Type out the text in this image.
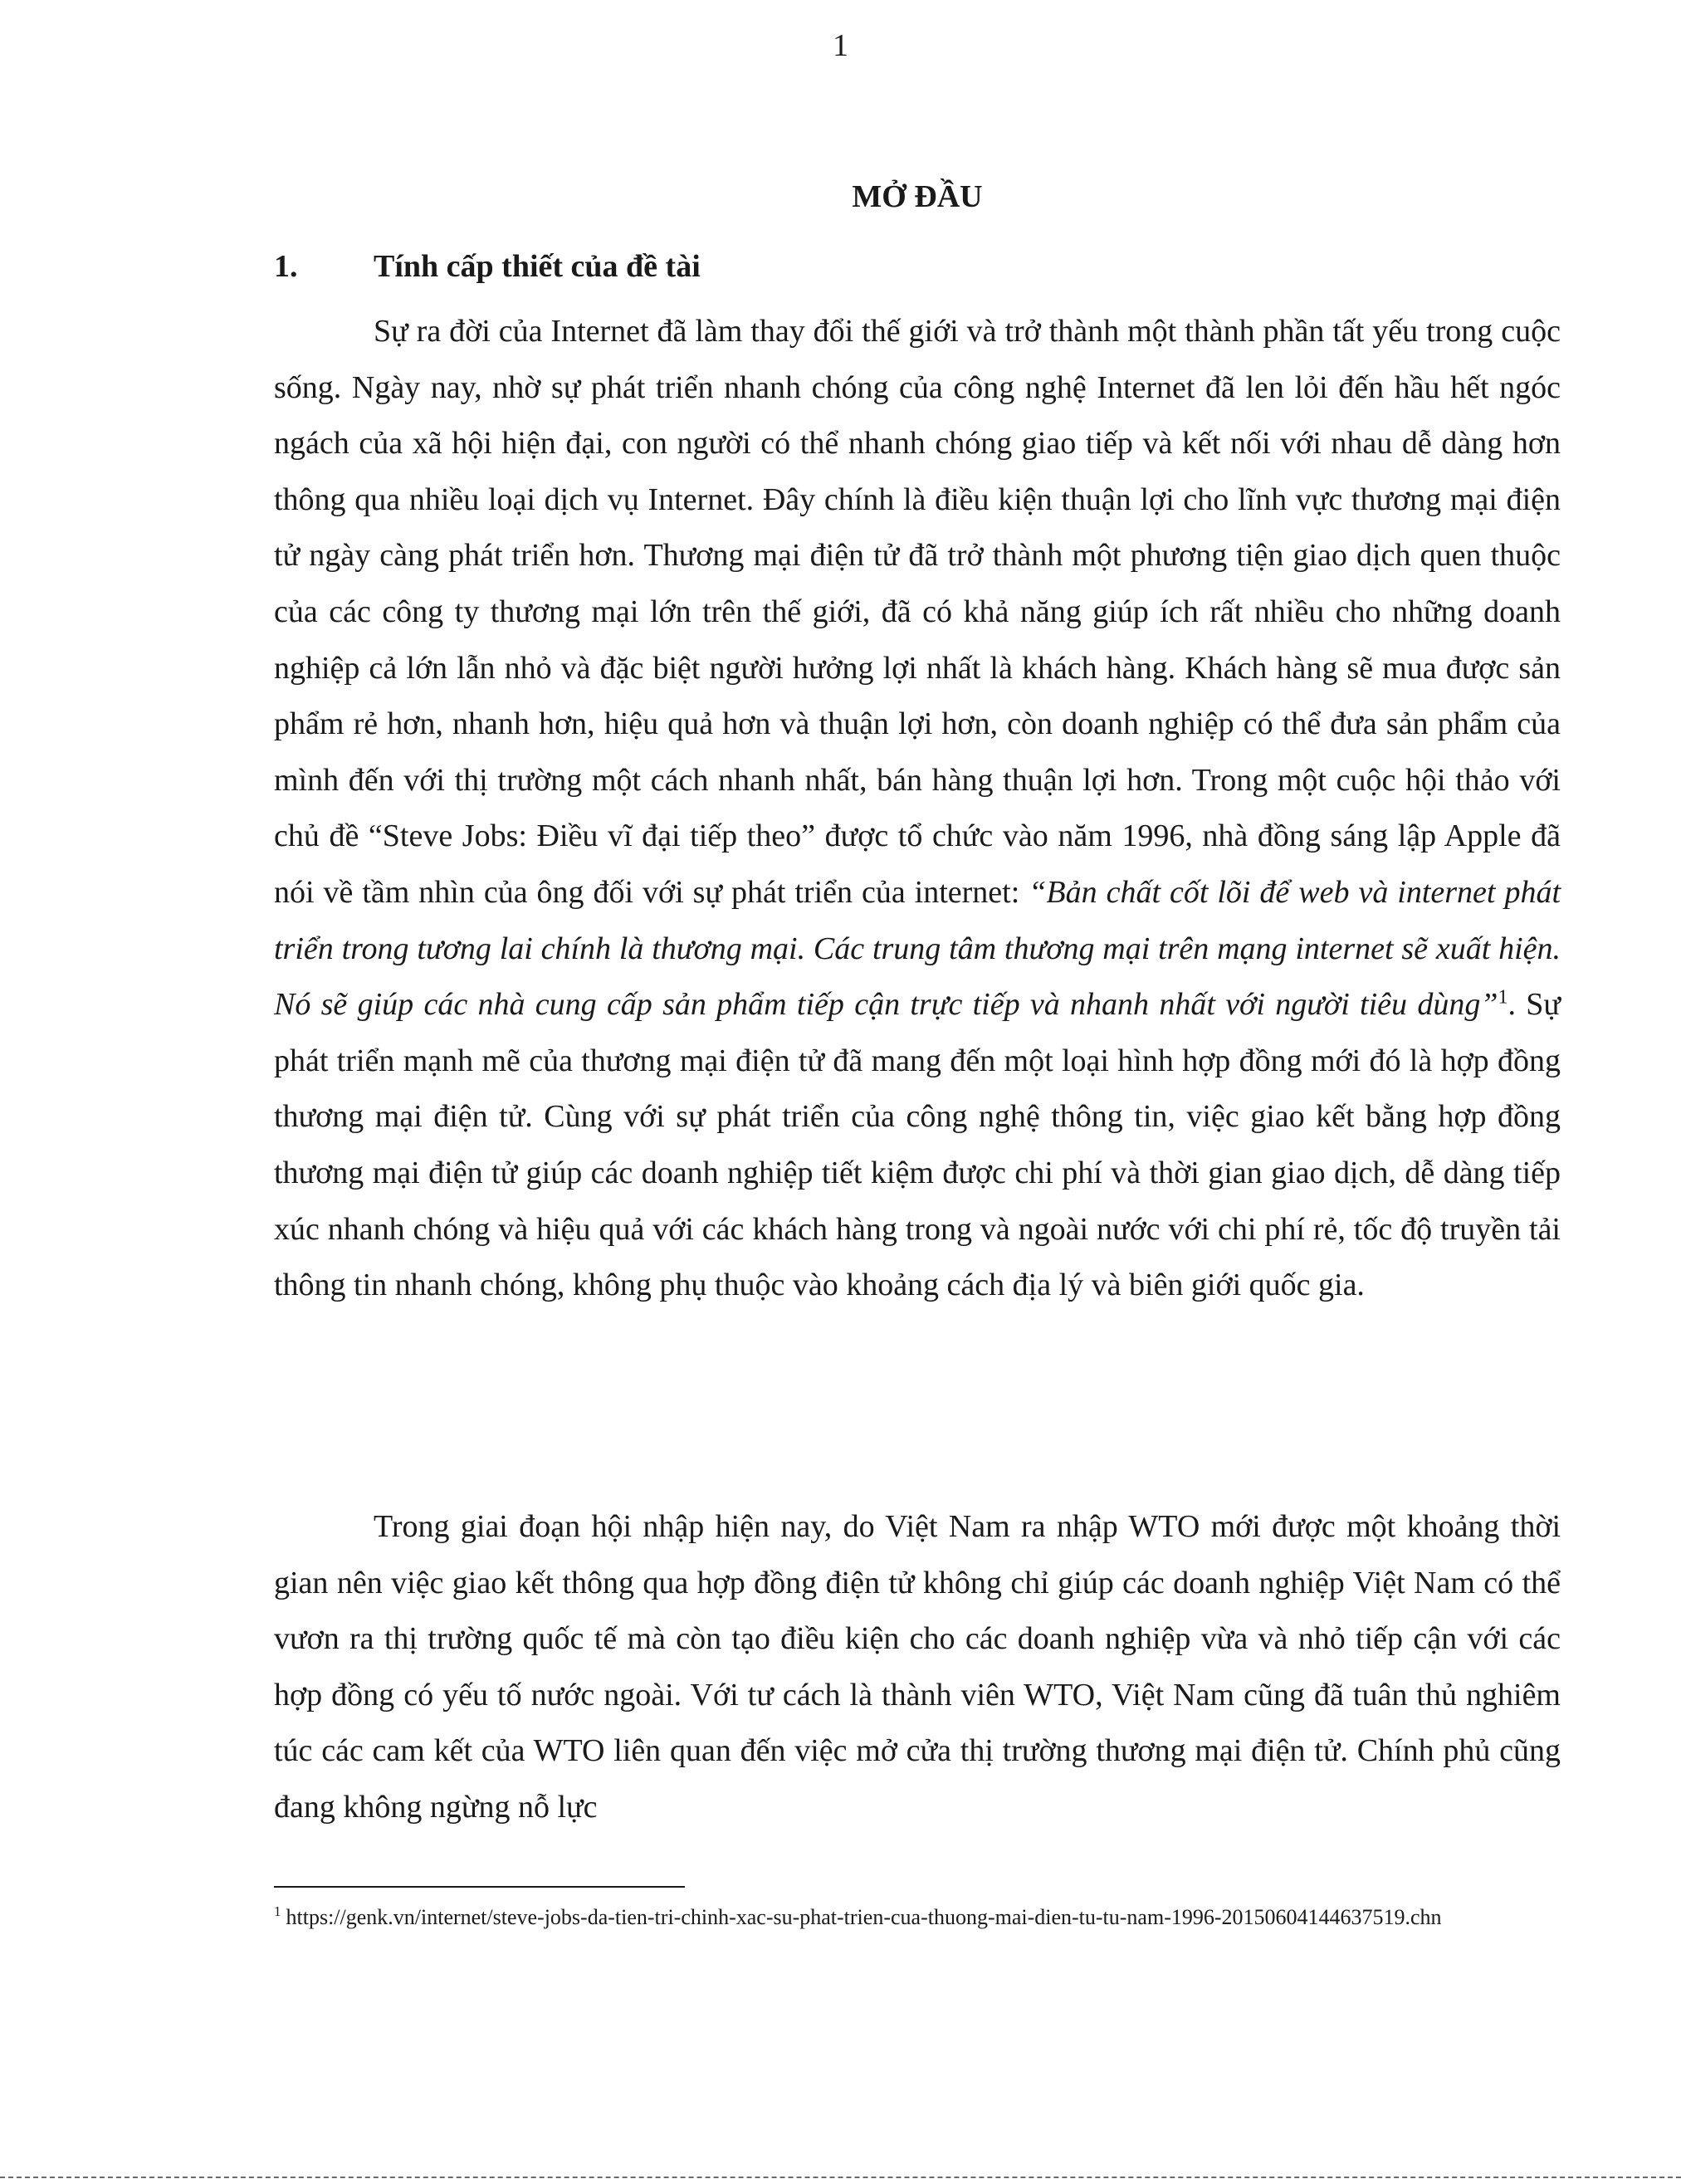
1
MỞ ĐẦU
1.	Tính cấp thiết của đề tài

Sự ra đời của Internet đã làm thay đổi thế giới và trở thành một thành phần tất yếu trong cuộc sống. Ngày nay, nhờ sự phát triển nhanh chóng của công nghệ Internet đã len lỏi đến hầu hết ngóc ngách của xã hội hiện đại, con người có thể nhanh chóng giao tiếp và kết nối với nhau dễ dàng hơn thông qua nhiều loại dịch vụ Internet. Đây chính là điều kiện thuận lợi cho lĩnh vực thương mại điện tử ngày càng phát triển hơn. Thương mại điện tử đã trở thành một phương tiện giao dịch quen thuộc của các công ty thương mại lớn trên thế giới, đã có khả năng giúp ích rất nhiều cho những doanh nghiệp cả lớn lẫn nhỏ và đặc biệt người hưởng lợi nhất là khách hàng. Khách hàng sẽ mua được sản phẩm rẻ hơn, nhanh hơn, hiệu quả hơn và thuận lợi hơn, còn doanh nghiệp có thể đưa sản phẩm của mình đến với thị trường một cách nhanh nhất, bán hàng thuận lợi hơn. Trong một cuộc hội thảo với chủ đề “Steve Jobs: Điều vĩ đại tiếp theo” được tổ chức vào năm 1996, nhà đồng sáng lập Apple đã nói về tầm nhìn của ông đối với sự phát triển của internet: “Bản chất cốt lõi để web và internet phát triển trong tương lai chính là thương mại. Các trung tâm thương mại trên mạng internet sẽ xuất hiện. Nó sẽ giúp các nhà cung cấp sản phẩm tiếp cận trực tiếp và nhanh nhất với người tiêu dùng”$^1$. Sự phát triển mạnh mẽ của thương mại điện tử đã mang đến một loại hình hợp đồng mới đó là hợp đồng thương mại điện tử. Cùng với sự phát triển của công nghệ thông tin, việc giao kết bằng hợp đồng thương mại điện tử giúp các doanh nghiệp tiết kiệm được chi phí và thời gian giao dịch, dễ dàng tiếp xúc nhanh chóng và hiệu quả với các khách hàng trong và ngoài nước với chi phí rẻ, tốc độ truyền tải thông tin nhanh chóng, không phụ thuộc vào khoảng cách địa lý và biên giới quốc gia.

Trong giai đoạn hội nhập hiện nay, do Việt Nam ra nhập WTO mới được một khoảng thời gian nên việc giao kết thông qua hợp đồng điện tử không chỉ giúp các doanh nghiệp Việt Nam có thể vươn ra thị trường quốc tế mà còn tạo điều kiện cho các doanh nghiệp vừa và nhỏ tiếp cận với các hợp đồng có yếu tố nước ngoài. Với tư cách là thành viên WTO, Việt Nam cũng đã tuân thủ nghiêm túc các cam kết của WTO liên quan đến việc mở cửa thị trường thương mại điện tử. Chính phủ cũng đang không ngừng nỗ lực

$^1$ https://genk.vn/internet/steve-jobs-da-tien-tri-chinh-xac-su-phat-trien-cua-thuong-mai-dien-tu-tu-nam-1996-20150604144637519.chn
